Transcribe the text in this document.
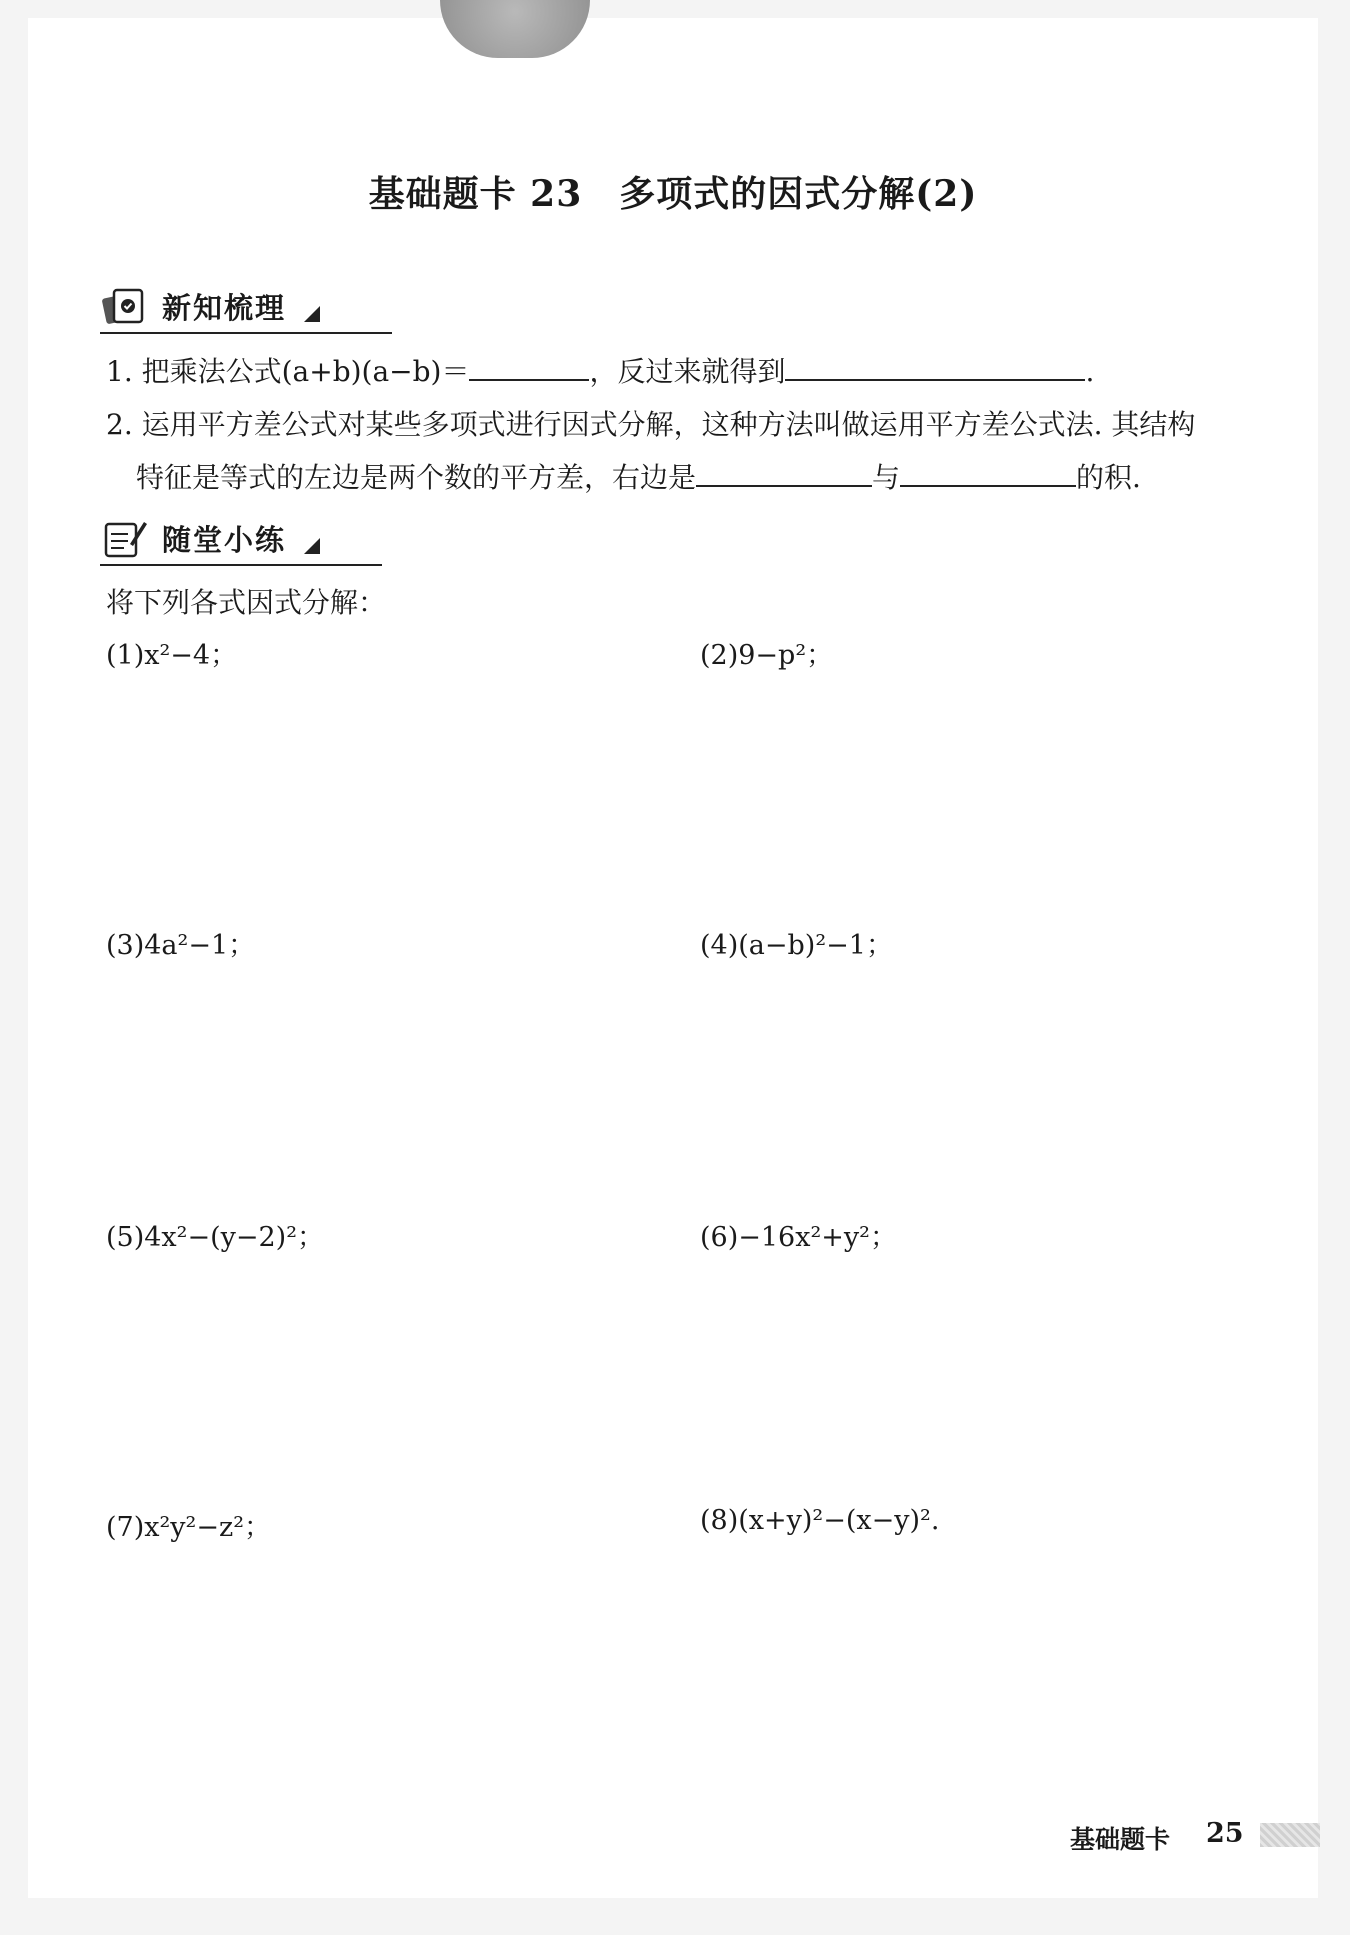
基础题卡 23　多项式的因式分解(2)
新知梳理
1. 把乘法公式(a+b)(a−b)＝	，反过来就得到	.
2. 运用平方差公式对某些多项式进行因式分解，这种方法叫做运用平方差公式法. 其结构
特征是等式的左边是两个数的平方差，右边是	与	的积.
随堂小练
将下列各式因式分解：
(1)x²−4；	(2)9−p²；
(3)4a²−1；	(4)(a−b)²−1；
(5)4x²−(y−2)²；	(6)−16x²+y²；
(7)x²y²−z²；	(8)(x+y)²−(x−y)².
基础题卡 25
